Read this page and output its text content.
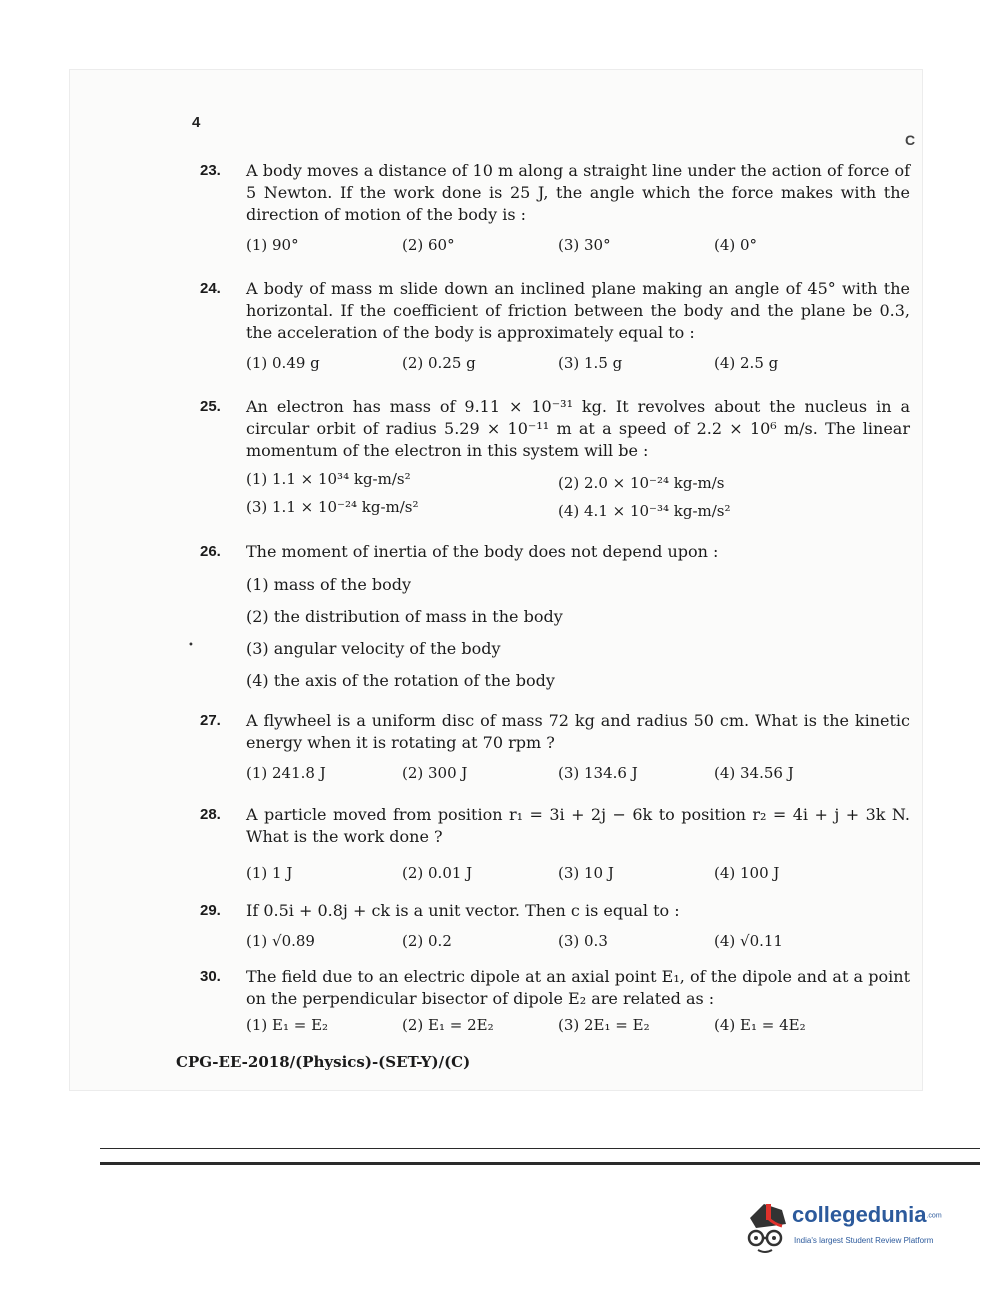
4
C
•
23. A body moves a distance of 10 m along a straight line under the action of force of 5 Newton. If the work done is 25 J, the angle which the force makes with the direction of motion of the body is :
(1) 90°	(2) 60°	(3) 30°	(4) 0°
24. A body of mass m slide down an inclined plane making an angle of 45° with the horizontal. If the coefficient of friction between the body and the plane be 0.3, the acceleration of the body is approximately equal to :
(1) 0.49 g	(2) 0.25 g	(3) 1.5 g	(4) 2.5 g
25. An electron has mass of 9.11 × 10⁻³¹ kg. It revolves about the nucleus in a circular orbit of radius 5.29 × 10⁻¹¹ m at a speed of 2.2 × 10⁶ m/s. The linear momentum of the electron in this system will be :
(1) 1.1 × 10³⁴ kg-m/s²	(2) 2.0 × 10⁻²⁴ kg-m/s
(3) 1.1 × 10⁻²⁴ kg-m/s²	(4) 4.1 × 10⁻³⁴ kg-m/s²
26. The moment of inertia of the body does not depend upon :
(1) mass of the body
(2) the distribution of mass in the body
(3) angular velocity of the body
(4) the axis of the rotation of the body
27. A flywheel is a uniform disc of mass 72 kg and radius 50 cm. What is the kinetic energy when it is rotating at 70 rpm ?
(1) 241.8 J	(2) 300 J	(3) 134.6 J	(4) 34.56 J
28. A particle moved from position r₁ = 3i + 2j − 6k to position r₂ = 4i + j + 3k N. What is the work done ?
(1) 1 J	(2) 0.01 J	(3) 10 J	(4) 100 J
29. If 0.5i + 0.8j + ck is a unit vector. Then c is equal to :
(1) √0.89	(2) 0.2	(3) 0.3	(4) √0.11
30. The field due to an electric dipole at an axial point E₁, of the dipole and at a point on the perpendicular bisector of dipole E₂ are related as :
(1) E₁ = E₂	(2) E₁ = 2E₂	(3) 2E₁ = E₂	(4) E₁ = 4E₂
CPG-EE-2018/(Physics)-(SET-Y)/(C)
collegedunia.com
India's largest Student Review Platform
